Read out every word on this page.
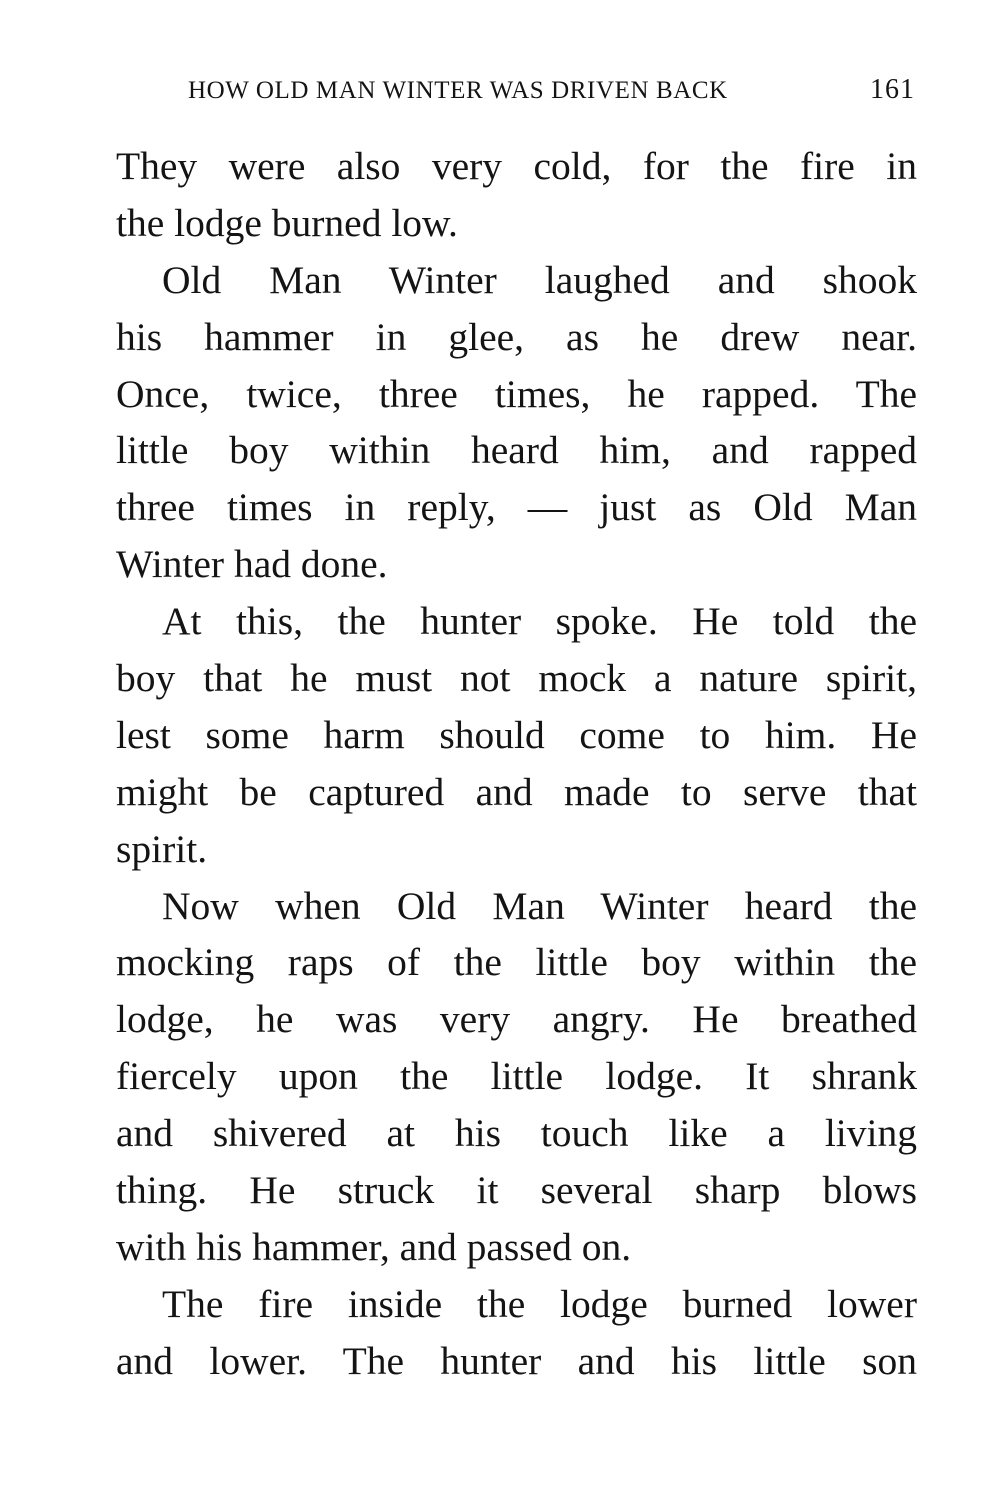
HOW OLD MAN WINTER WAS DRIVEN BACK	161
They were also very cold, for the fire in
the lodge burned low.
Old Man Winter laughed and shook
his hammer in glee, as he drew near.
Once, twice, three times, he rapped. The
little boy within heard him, and rapped
three times in reply, — just as Old Man
Winter had done.
At this, the hunter spoke. He told the
boy that he must not mock a nature spirit,
lest some harm should come to him. He
might be captured and made to serve that
spirit.
Now when Old Man Winter heard the
mocking raps of the little boy within the
lodge, he was very angry. He breathed
fiercely upon the little lodge. It shrank
and shivered at his touch like a living
thing. He struck it several sharp blows
with his hammer, and passed on.
The fire inside the lodge burned lower
and lower. The hunter and his little son
